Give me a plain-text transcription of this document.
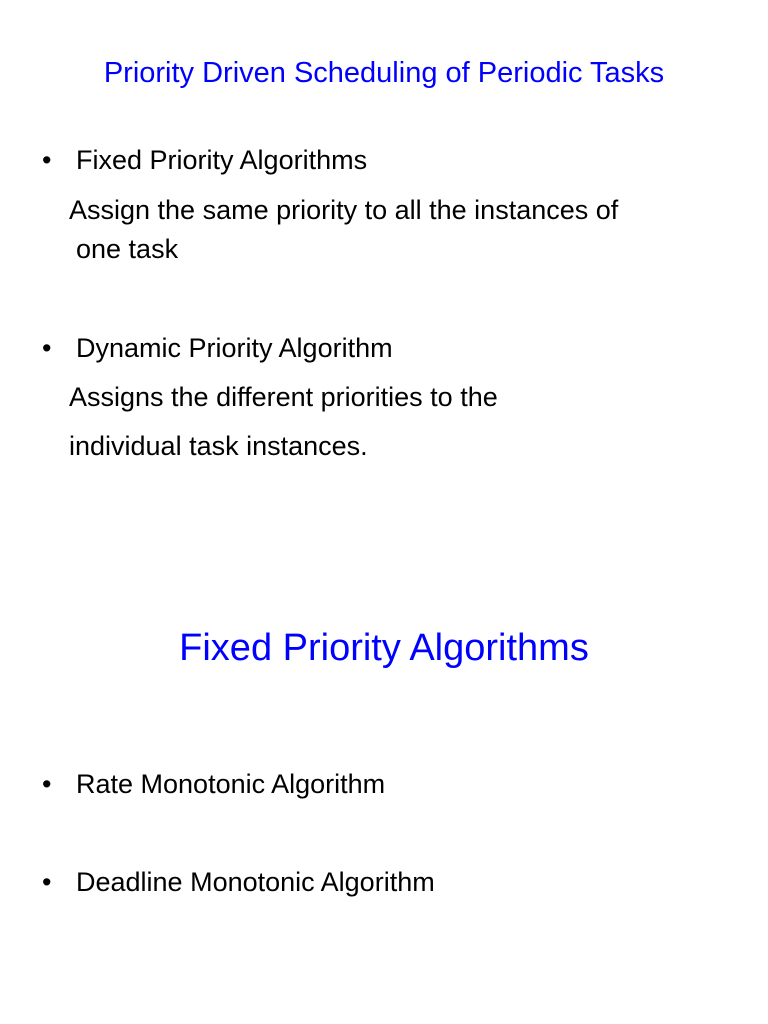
Priority Driven Scheduling of Periodic Tasks
• Fixed Priority Algorithms
Assign the same priority to all the instances of
one task
• Dynamic Priority Algorithm
Assigns the different priorities to the
individual task instances.
Fixed Priority Algorithms
• Rate Monotonic Algorithm
• Deadline Monotonic Algorithm
